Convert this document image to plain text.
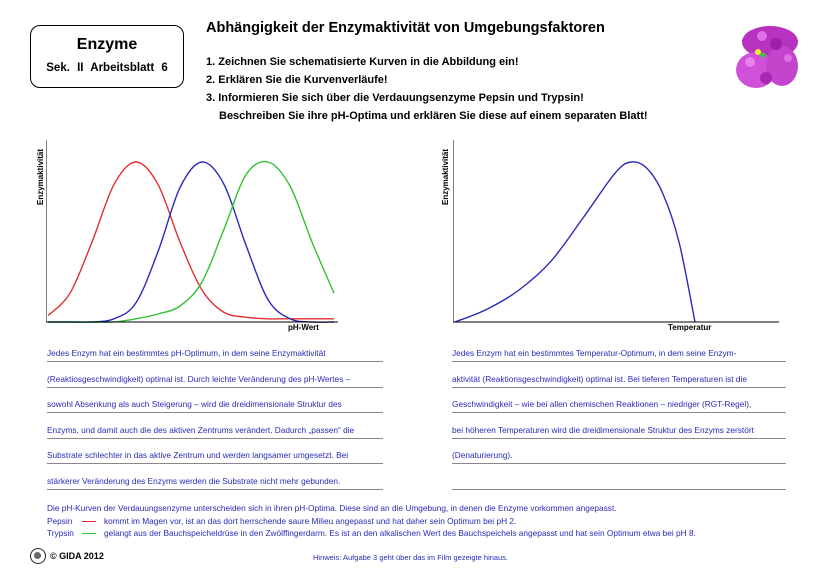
Enzyme
Sek. II Arbeitsblatt 6
Abhängigkeit der Enzymaktivität von Umgebungsfaktoren
1. Zeichnen Sie schematisierte Kurven in die Abbildung ein!
2. Erklären Sie die Kurvenverläufe!
3. Informieren Sie sich über die Verdauungsenzyme Pepsin und Trypsin!
Beschreiben Sie ihre pH-Optima und erklären Sie diese auf einem separaten Blatt!
Enzymaktivität
pH-Wert
Enzymaktivität
Temperatur
Jedes Enzym hat ein bestimmtes pH-Optimum, in dem seine Enzymaktivität
(Reaktiosgeschwindigkeit) optimal ist. Durch leichte Veränderung des pH-Wertes –
sowohl Absenkung als auch Steigerung – wird die dreidimensionale Struktur des
Enzyms, und damit auch die des aktiven Zentrums verändert. Dadurch „passen“ die
Substrate schlechter in das aktive Zentrum und werden langsamer umgesetzt. Bei
stärkerer Veränderung des Enzyms werden die Substrate nicht mehr gebunden.
Jedes Enzym hat ein bestimmtes Temperatur-Optimum, in dem seine Enzym-
aktivität (Reaktionsgeschwindigkeit) optimal ist. Bei tieferen Temperaturen ist die
Geschwindigkeit – wie bei allen chemischen Reaktionen – niedriger (RGT-Regel),
bei höheren Temperaturen wird die dreidimensionale Struktur des Enzyms zerstört
(Denaturierung).
Die pH-Kurven der Verdauungsenzyme unterscheiden sich in ihren pH-Optima. Diese sind an die Umgebung, in denen die Enzyme vorkommen angepasst.
Pepsin	kommt im Magen vor, ist an das dort herrschende saure Milieu angepasst und hat daher sein Optimum bei pH 2.
Trypsin	gelangt aus der Bauchspeicheldrüse in den Zwölffingerdarm. Es ist an den alkalischen Wert des Bauchspeichels angepasst und hat sein Optimum etwa bei pH 8.
© GIDA 2012	Hinweis: Aufgabe 3 geht über das im Film gezeigte hinaus.
